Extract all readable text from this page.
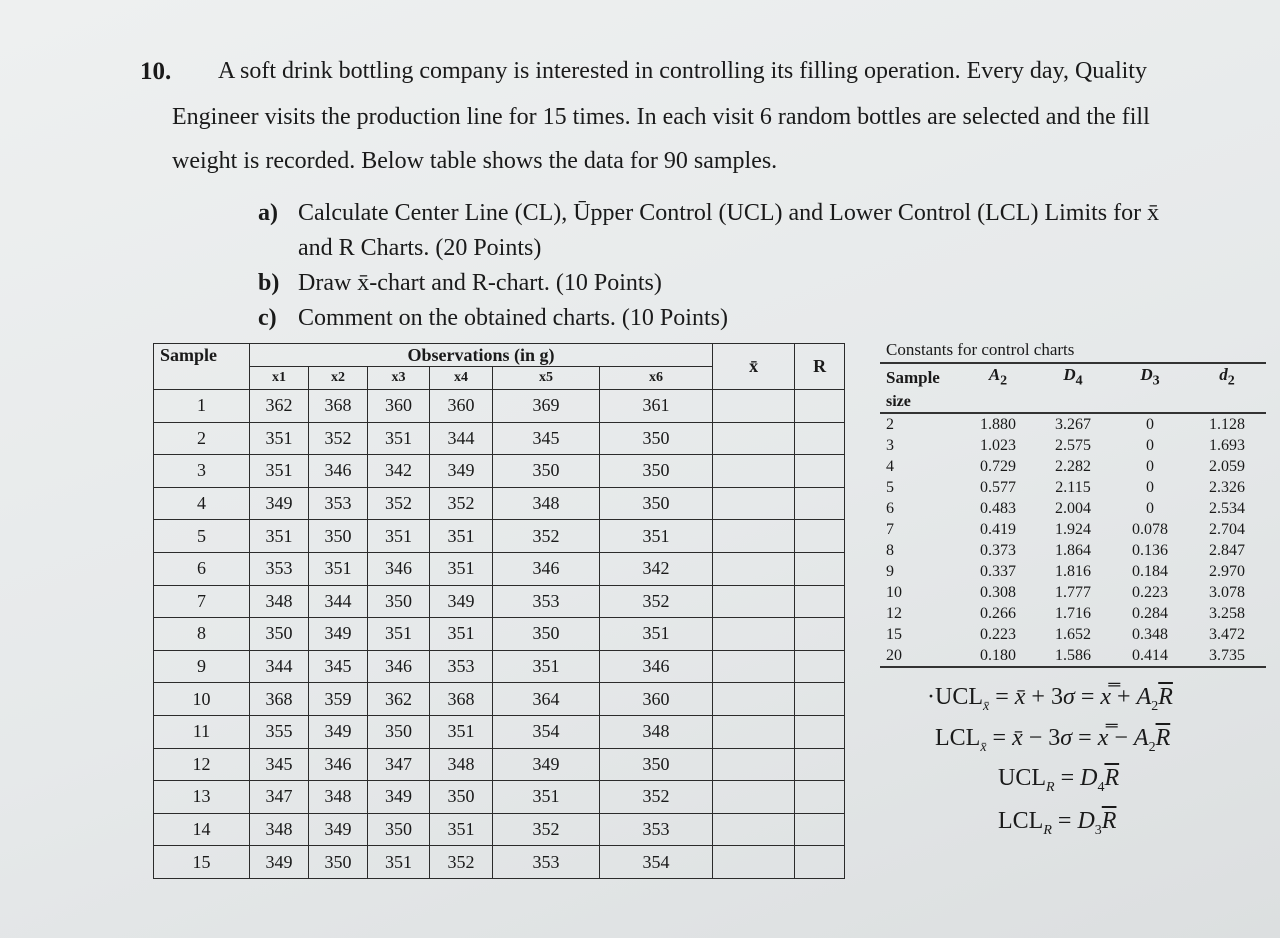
10. A soft drink bottling company is interested in controlling its filling operation. Every day, Quality
Engineer visits the production line for 15 times. In each visit 6 random bottles are selected and the fill
weight is recorded. Below table shows the data for 90 samples.
a) Calculate Center Line (CL), Ūpper Control (UCL) and Lower Control (LCL) Limits for x̄
and R Charts. (20 Points)
b) Draw x̄-chart and R-chart. (10 Points)
c) Comment on the obtained charts. (10 Points)
Sample	Observations (in g)						x̄	R
	x1	x2	x3	x4	x5	x6		
1	362	368	360	360	369	361		
2	351	352	351	344	345	350		
3	351	346	342	349	350	350		
4	349	353	352	352	348	350		
5	351	350	351	351	352	351		
6	353	351	346	351	346	342		
7	348	344	350	349	353	352		
8	350	349	351	351	350	351		
9	344	345	346	353	351	346		
10	368	359	362	368	364	360		
11	355	349	350	351	354	348		
12	345	346	347	348	349	350		
13	347	348	349	350	351	352		
14	348	349	350	351	352	353		
15	349	350	351	352	353	354		
Constants for control charts
Sample	$A_2$	$D_4$	$D_3$	$d_2$
size				
2	1.880	3.267	0	1.128
3	1.023	2.575	0	1.693
4	0.729	2.282	0	2.059
5	0.577	2.115	0	2.326
6	0.483	2.004	0	2.534
7	0.419	1.924	0.078	2.704
8	0.373	1.864	0.136	2.847
9	0.337	1.816	0.184	2.970
10	0.308	1.777	0.223	3.078
12	0.266	1.716	0.284	3.258
15	0.223	1.652	0.348	3.472
20	0.180	1.586	0.414	3.735
$\cdot UCL_{x̄}$ = x̄ + 3σ = x̿ + $A_2\overline{R}$
$LCL_{x̄}$ = x̄ − 3σ = x̿ − $A_2\overline{R}$
$UCL_R = D_4\overline{R}$
$LCL_R = D_3\overline{R}$
